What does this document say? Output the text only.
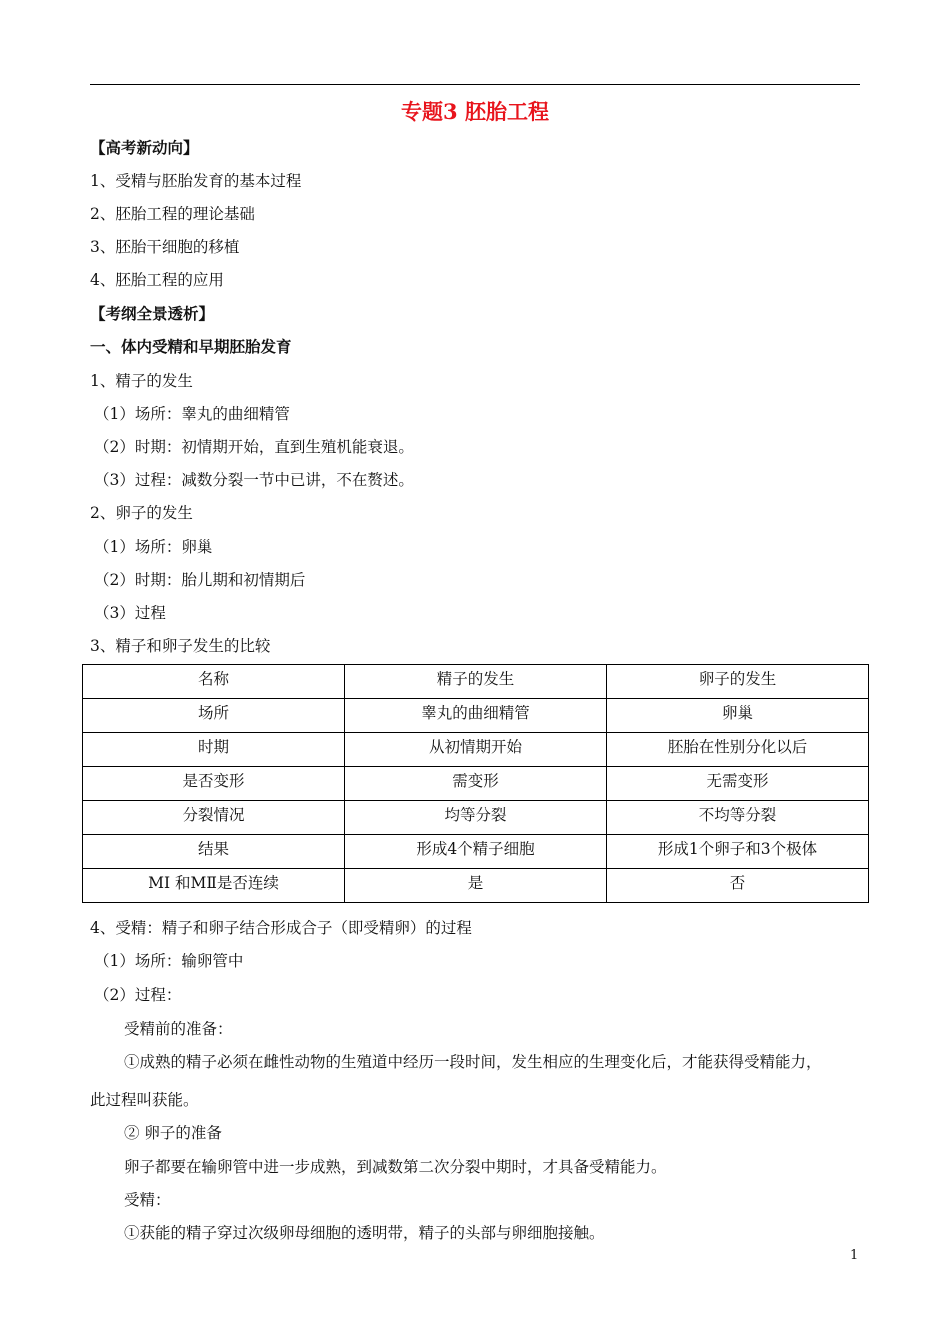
专题3 胚胎工程
【高考新动向】
1、受精与胚胎发育的基本过程
2、胚胎工程的理论基础
3、胚胎干细胞的移植
4、胚胎工程的应用
【考纲全景透析】
一、体内受精和早期胚胎发育
1、精子的发生
（1）场所：睾丸的曲细精管
（2）时期：初情期开始，直到生殖机能衰退。
（3）过程：减数分裂一节中已讲，不在赘述。
2、卵子的发生
（1）场所：卵巢
（2）时期：胎儿期和初情期后
（3）过程
3、精子和卵子发生的比较
名称	精子的发生	卵子的发生
场所	睾丸的曲细精管	卵巢
时期	从初情期开始	胚胎在性别分化以后
是否变形	需变形	无需变形
分裂情况	均等分裂	不均等分裂
结果	形成4个精子细胞	形成1个卵子和3个极体
MⅠ 和MⅡ是否连续	是	否
4、受精：精子和卵子结合形成合子（即受精卵）的过程
（1）场所：输卵管中
（2）过程：
受精前的准备：
①成熟的精子必须在雌性动物的生殖道中经历一段时间，发生相应的生理变化后，才能获得受精能力，
此过程叫获能。
② 卵子的准备
卵子都要在输卵管中进一步成熟，到减数第二次分裂中期时，才具备受精能力。
受精：
①获能的精子穿过次级卵母细胞的透明带，精子的头部与卵细胞接触。
1
